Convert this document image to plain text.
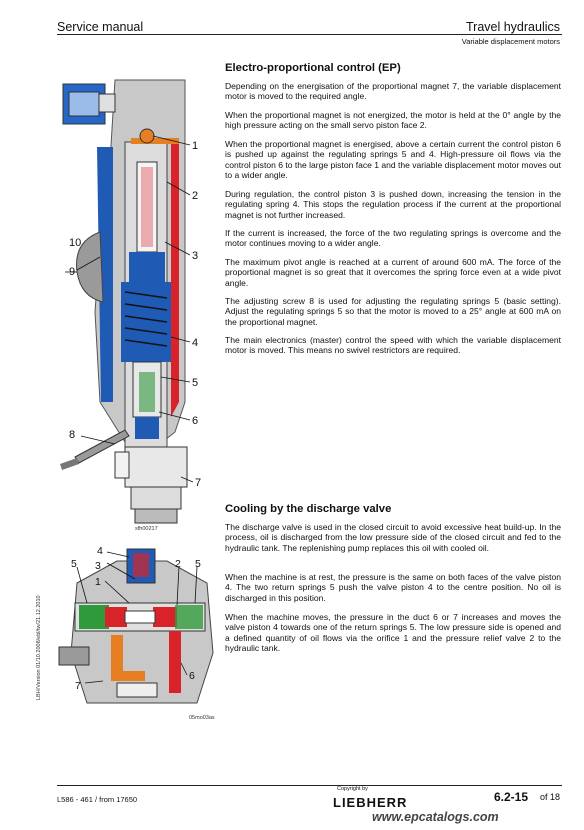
Service manual	Travel hydraulics
Variable displacement motors
1
2
3
4
5
6
7
8
9
10
sfh00217
4
3
1
5	2 5
6
7
05mo03as
Electro-proportional control (EP)

Depending on the energisation of the proportional magnet 7, the variable displacement motor is moved to the required angle.

When the proportional magnet is not energized, the motor is held at the 0° angle by the high pressure acting on the small servo piston face 2.

When the proportional magnet is energised, above a certain current the control piston 6 is pushed up against the regulating springs 5 and 4. High-pressure oil flows via the control piston 6 to the large piston face 1 and the variable displacement motor moves out to a wider angle.

During regulation, the control piston 3 is pushed down, increasing the tension in the regulating spring 4. This stops the regulation process if the current at the proportional magnet is not further increased.

If the current is increased, the force of the two regulating springs is overcome and the motor continues moving to a wider angle.

The maximum pivot angle is reached at a current of around 600 mA. The force of the proportional magnet is so great that it overcomes the spring force even at a wide pivot angle.

The adjusting screw 8 is used for adjusting the regulating springs 5 (basic setting). Adjust the regulating springs 5 so that the motor is moved to a 25° angle at 600 mA on the proportional magnet.

The main electronics (master) control the speed with which the variable displacement motor is moved. This means no swivel restrictors are required.

Cooling by the discharge valve

The discharge valve is used in the closed circuit to avoid excessive heat build-up. In the process, oil is discharged from the low pressure side of the closed circuit and fed to the hydraulic tank. The replenishing pump replaces this oil with cooled oil.

When the machine is at rest, the pressure is the same on both faces of the valve piston 4. The two return springs 5 push the valve piston 4 to the centre position. No oil is discharged in this position.

When the machine moves, the pressure in the duct 6 or 7 increases and moves the valve piston 4 towards one of the return springs 5. The low pressure side is opened and a defined quantity of oil flows via the orifice 1 and the pressure relief valve 2 to the hydraulic tank.

LBH/Version 01/10.2008/ebl/tw/21.12.2010
L586 - 461 / from 17650
Copyright by
LIEBHERR	6.2-15 of 18
www.epcatalogs.com
